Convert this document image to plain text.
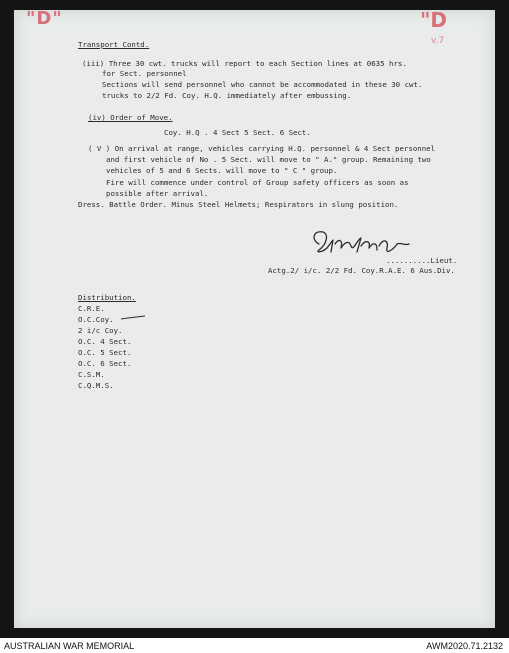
"D"	"D
v.7
Transport Contd.
(iii) Three 30 cwt. trucks will report to each Section lines at 0635 hrs.
for Sect. personnel
Sections will send personnel who cannot be accommodated in these 30 cwt.
trucks to 2/2 Fd. Coy. H.Q. immediately after embussing.
(iv) Order of Move.
Coy. H.Q . 4 Sect 5 Sect. 6 Sect.
( V ) On arrival at range, vehicles carrying H.Q. personnel & 4 Sect personnel
and first vehicle of No . 5 Sect. will move to " A." group. Remaining two
vehicles of 5 and 6 Sects. will move to " C " group.
Fire will commence under control of Group safety officers as soon as
possible after arrival.
Dress. Battle Order. Minus Steel Helmets; Respirators in slung position.
..........Lieut.
Actg.2/ i/c. 2/2 Fd. Coy.R.A.E. 6 Aus.Div.
Distribution.
C.R.E.
O.C.Coy.
2 i/c Coy.
O.C. 4 Sect.
O.C. 5 Sect.
O.C. 6 Sect.
C.S.M.
C.Q.M.S.
AUSTRALIAN WAR MEMORIAL	AWM2020.71.2132
